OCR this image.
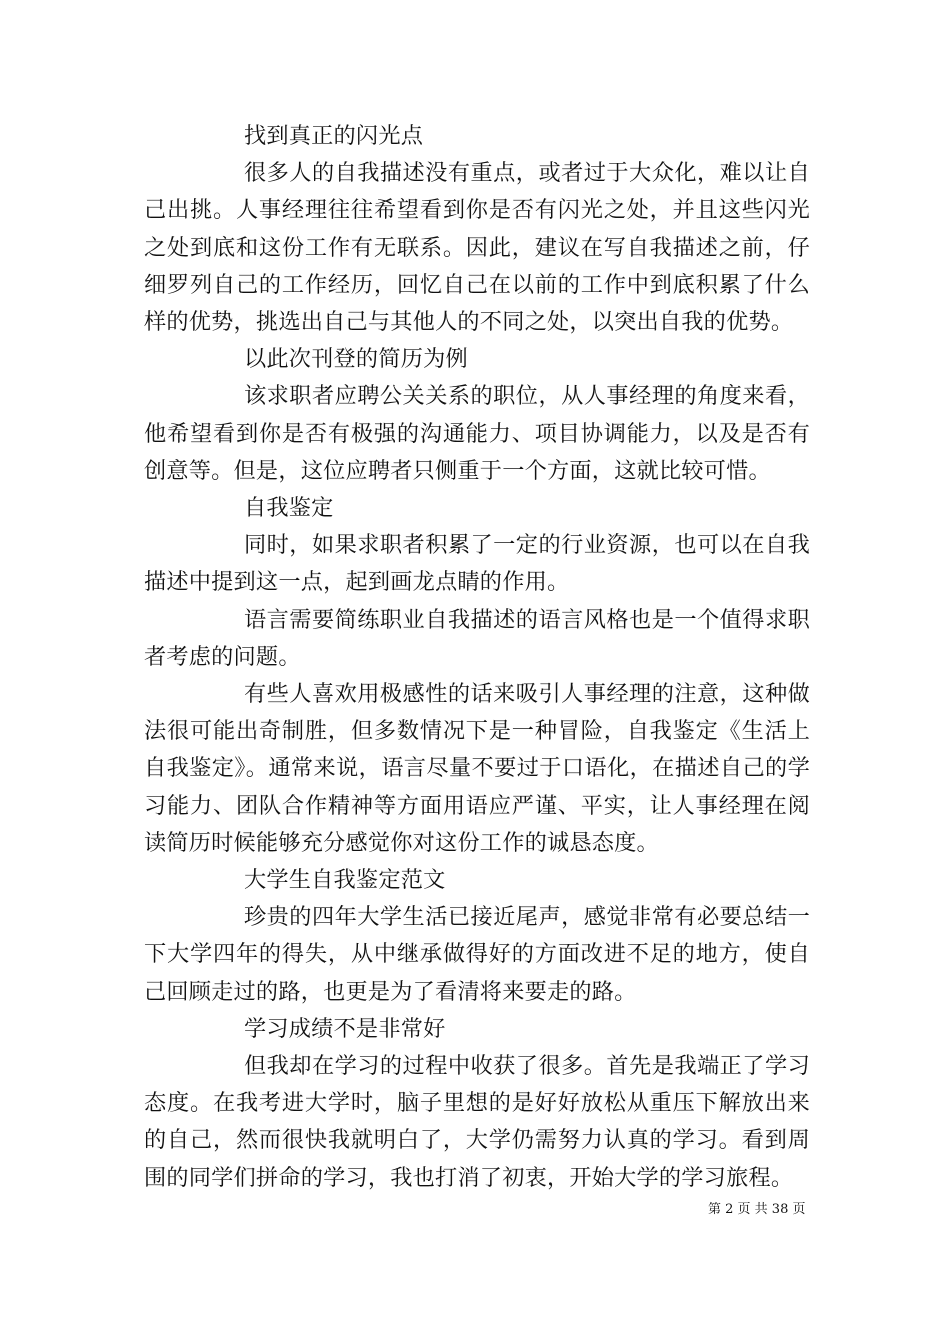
找到真正的闪光点

很多人的自我描述没有重点，或者过于大众化，难以让自己出挑。人事经理往往希望看到你是否有闪光之处，并且这些闪光之处到底和这份工作有无联系。因此，建议在写自我描述之前，仔细罗列自己的工作经历，回忆自己在以前的工作中到底积累了什么样的优势，挑选出自己与其他人的不同之处，以突出自我的优势。

以此次刊登的简历为例

该求职者应聘公关关系的职位，从人事经理的角度来看，他希望看到你是否有极强的沟通能力、项目协调能力，以及是否有创意等。但是，这位应聘者只侧重于一个方面，这就比较可惜。

自我鉴定

同时，如果求职者积累了一定的行业资源，也可以在自我描述中提到这一点，起到画龙点睛的作用。

语言需要简练职业自我描述的语言风格也是一个值得求职者考虑的问题。

有些人喜欢用极感性的话来吸引人事经理的注意，这种做法很可能出奇制胜，但多数情况下是一种冒险，自我鉴定《生活上自我鉴定》。通常来说，语言尽量不要过于口语化，在描述自己的学习能力、团队合作精神等方面用语应严谨、平实，让人事经理在阅读简历时候能够充分感觉你对这份工作的诚恳态度。

大学生自我鉴定范文

珍贵的四年大学生活已接近尾声，感觉非常有必要总结一下大学四年的得失，从中继承做得好的方面改进不足的地方，使自己回顾走过的路，也更是为了看清将来要走的路。

学习成绩不是非常好

但我却在学习的过程中收获了很多。首先是我端正了学习态度。在我考进大学时，脑子里想的是好好放松从重压下解放出来的自己，然而很快我就明白了，大学仍需努力认真的学习。看到周围的同学们拼命的学习，我也打消了初衷，开始大学的学习旅程。

第 2 页 共 38 页
